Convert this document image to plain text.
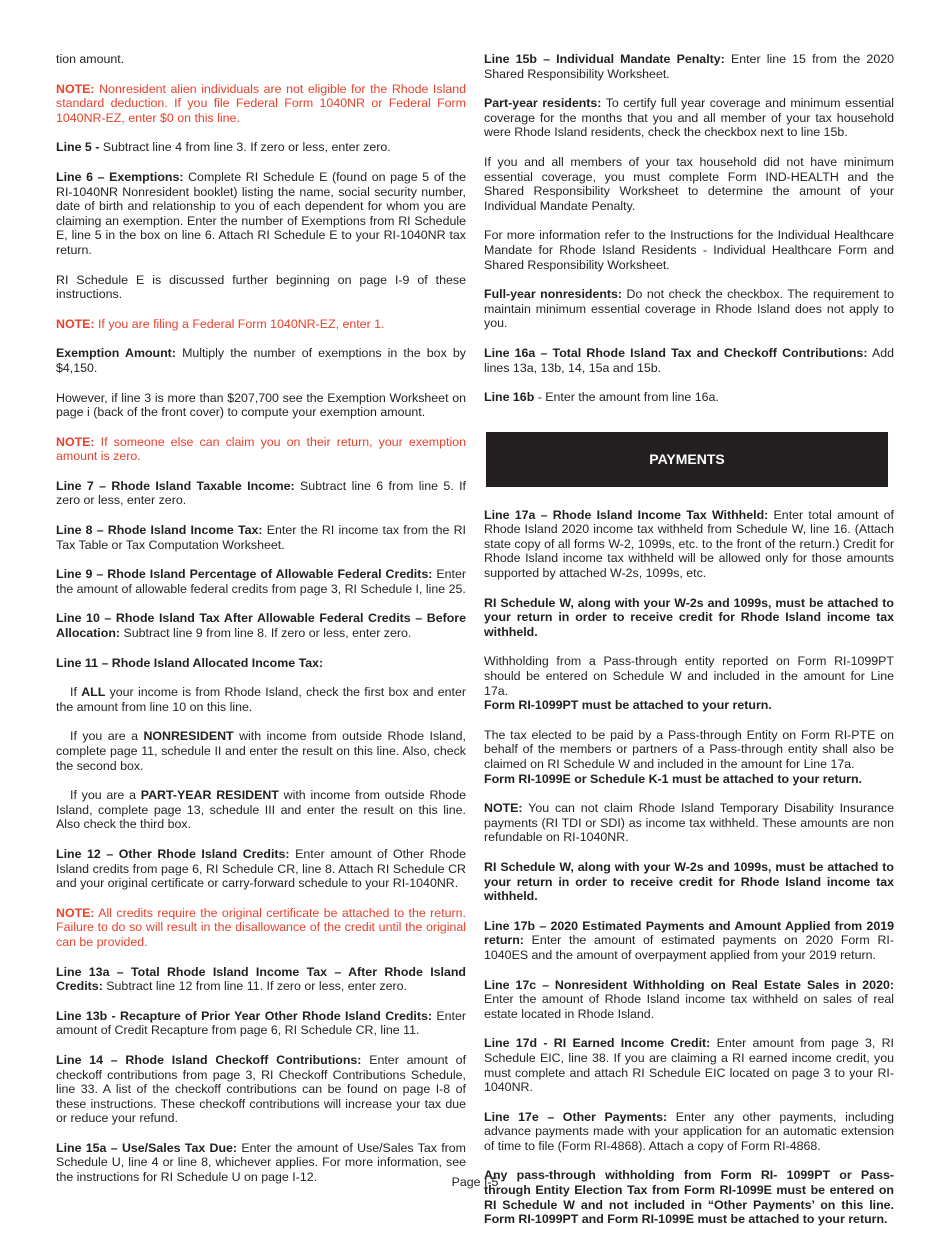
tion amount.

NOTE: Nonresident alien individuals are not eligible for the Rhode Island standard deduction. If you file Federal Form 1040NR or Federal Form 1040NR-EZ, enter $0 on this line.

Line 5 - Subtract line 4 from line 3. If zero or less, enter zero.

Line 6 – Exemptions: Complete RI Schedule E (found on page 5 of the RI-1040NR Nonresident booklet) listing the name, social security number, date of birth and relationship to you of each dependent for whom you are claiming an exemption. Enter the number of Exemptions from RI Schedule E, line 5 in the box on line 6. Attach RI Schedule E to your RI-1040NR tax return.

RI Schedule E is discussed further beginning on page I-9 of these instructions.

NOTE: If you are filing a Federal Form 1040NR-EZ, enter 1.

Exemption Amount: Multiply the number of exemptions in the box by $4,150.

However, if line 3 is more than $207,700 see the Exemption Worksheet on page i (back of the front cover) to compute your exemption amount.

NOTE: If someone else can claim you on their return, your exemption amount is zero.

Line 7 – Rhode Island Taxable Income: Subtract line 6 from line 5. If zero or less, enter zero.

Line 8 – Rhode Island Income Tax: Enter the RI income tax from the RI Tax Table or Tax Computation Worksheet.

Line 9 – Rhode Island Percentage of Allowable Federal Credits: Enter the amount of allowable federal credits from page 3, RI Schedule I, line 25.

Line 10 – Rhode Island Tax After Allowable Federal Credits – Before Allocation: Subtract line 9 from line 8. If zero or less, enter zero.

Line 11 – Rhode Island Allocated Income Tax:

If ALL your income is from Rhode Island, check the first box and enter the amount from line 10 on this line.

If you are a NONRESIDENT with income from outside Rhode Island, complete page 11, schedule II and enter the result on this line. Also, check the second box.

If you are a PART-YEAR RESIDENT with income from outside Rhode Island, complete page 13, schedule III and enter the result on this line. Also check the third box.

Line 12 – Other Rhode Island Credits: Enter amount of Other Rhode Island credits from page 6, RI Schedule CR, line 8. Attach RI Schedule CR and your original certificate or carry-forward schedule to your RI-1040NR.

NOTE: All credits require the original certificate be attached to the return. Failure to do so will result in the disallowance of the credit until the original can be provided.

Line 13a – Total Rhode Island Income Tax – After Rhode Island Credits: Subtract line 12 from line 11. If zero or less, enter zero.

Line 13b - Recapture of Prior Year Other Rhode Island Credits: Enter amount of Credit Recapture from page 6, RI Schedule CR, line 11.

Line 14 – Rhode Island Checkoff Contributions: Enter amount of checkoff contributions from page 3, RI Checkoff Contributions Schedule, line 33. A list of the checkoff contributions can be found on page I-8 of these instructions. These checkoff contributions will increase your tax due or reduce your refund.

Line 15a – Use/Sales Tax Due: Enter the amount of Use/Sales Tax from Schedule U, line 4 or line 8, whichever applies. For more information, see the instructions for RI Schedule U on page I-12.

Line 15b – Individual Mandate Penalty: Enter line 15 from the 2020 Shared Responsibility Worksheet.

Part-year residents: To certify full year coverage and minimum essential coverage for the months that you and all member of your tax household were Rhode Island residents, check the checkbox next to line 15b.

If you and all members of your tax household did not have minimum essential coverage, you must complete Form IND-HEALTH and the Shared Responsibility Worksheet to determine the amount of your Individual Mandate Penalty.

For more information refer to the Instructions for the Individual Healthcare Mandate for Rhode Island Residents - Individual Healthcare Form and Shared Responsibility Worksheet.

Full-year nonresidents: Do not check the checkbox. The requirement to maintain minimum essential coverage in Rhode Island does not apply to you.

Line 16a – Total Rhode Island Tax and Checkoff Contributions: Add lines 13a, 13b, 14, 15a and 15b.

Line 16b - Enter the amount from line 16a.

PAYMENTS

Line 17a – Rhode Island Income Tax Withheld: Enter total amount of Rhode Island 2020 income tax withheld from Schedule W, line 16. (Attach state copy of all forms W-2, 1099s, etc. to the front of the return.) Credit for Rhode Island income tax withheld will be allowed only for those amounts supported by attached W-2s, 1099s, etc.

RI Schedule W, along with your W-2s and 1099s, must be attached to your return in order to receive credit for Rhode Island income tax withheld.

Withholding from a Pass-through entity reported on Form RI-1099PT should be entered on Schedule W and included in the amount for Line 17a.
Form RI-1099PT must be attached to your return.

The tax elected to be paid by a Pass-through Entity on Form RI-PTE on behalf of the members or partners of a Pass-through entity shall also be claimed on RI Schedule W and included in the amount for Line 17a.
Form RI-1099E or Schedule K-1 must be attached to your return.

NOTE: You can not claim Rhode Island Temporary Disability Insurance payments (RI TDI or SDI) as income tax withheld. These amounts are non refundable on RI-1040NR.

RI Schedule W, along with your W-2s and 1099s, must be attached to your return in order to receive credit for Rhode Island income tax withheld.

Line 17b – 2020 Estimated Payments and Amount Applied from 2019 return: Enter the amount of estimated payments on 2020 Form RI-1040ES and the amount of overpayment applied from your 2019 return.

Line 17c – Nonresident Withholding on Real Estate Sales in 2020: Enter the amount of Rhode Island income tax withheld on sales of real estate located in Rhode Island.

Line 17d - RI Earned Income Credit: Enter amount from page 3, RI Schedule EIC, line 38. If you are claiming a RI earned income credit, you must complete and attach RI Schedule EIC located on page 3 to your RI-1040NR.

Line 17e – Other Payments: Enter any other payments, including advance payments made with your application for an automatic extension of time to file (Form RI-4868). Attach a copy of Form RI-4868.

Any pass-through withholding from Form RI- 1099PT or Pass-through Entity Election Tax from Form RI-1099E must be entered on RI Schedule W and not included in “Other Payments’ on this line. Form RI-1099PT and Form RI-1099E must be attached to your return.

Page I-5
